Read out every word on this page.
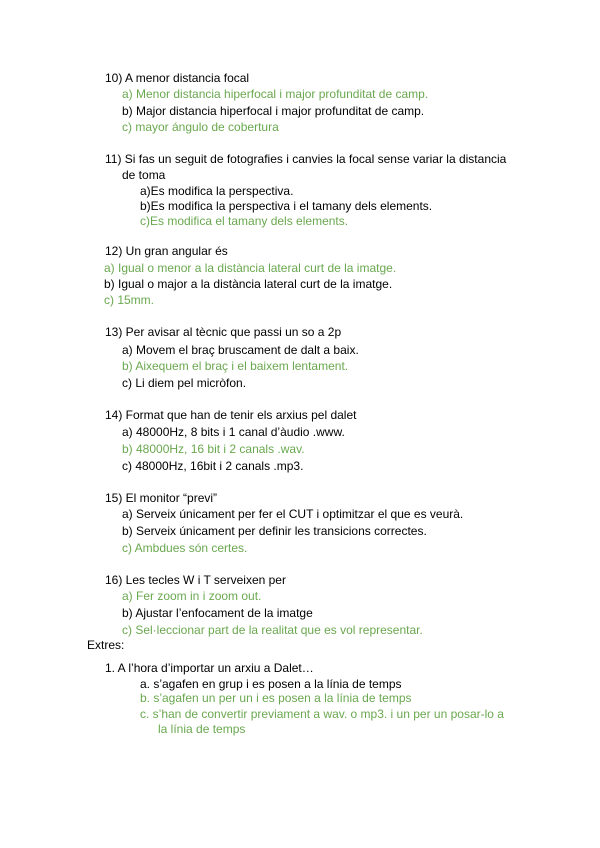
10) A menor distancia focal
a) Menor distancia hiperfocal i major profunditat de camp.
b) Major distancia hiperfocal i major profunditat de camp.
c) mayor ángulo de cobertura
11) Si fas un seguit de fotografies i canvies la focal sense variar la distancia
de toma
a)Es modifica la perspectiva.
b)Es modifica la perspectiva i el tamany dels elements.
c)Es modifica el tamany dels elements.
12) Un gran angular és
a) Igual o menor a la distància lateral curt de la imatge.
b) Igual o major a la distància lateral curt de la imatge.
c) 15mm.
13) Per avisar al tècnic que passi un so a 2p
a) Movem el braç bruscament de dalt a baix.
b) Aixequem el braç i el baixem lentament.
c) Li diem pel micròfon.
14) Format que han de tenir els arxius pel dalet
a) 48000Hz, 8 bits i 1 canal d’àudio .www.
b) 48000Hz, 16 bit i 2 canals .wav.
c) 48000Hz, 16bit i 2 canals .mp3.
15) El monitor “previ”
a) Serveix únicament per fer el CUT i optimitzar el que es veurà.
b) Serveix únicament per definir les transicions correctes.
c) Ambdues són certes.
16) Les tecles W i T serveixen per
a) Fer zoom in i zoom out.
b) Ajustar l’enfocament de la imatge
c) Sel·leccionar part de la realitat que es vol representar.
Extres:
1. A l’hora d’importar un arxiu a Dalet…
a. s’agafen en grup i es posen a la línia de temps
b. s’agafen un per un i es posen a la línia de temps
c. s’han de convertir previament a wav. o mp3. i un per un posar-lo a
la línia de temps
